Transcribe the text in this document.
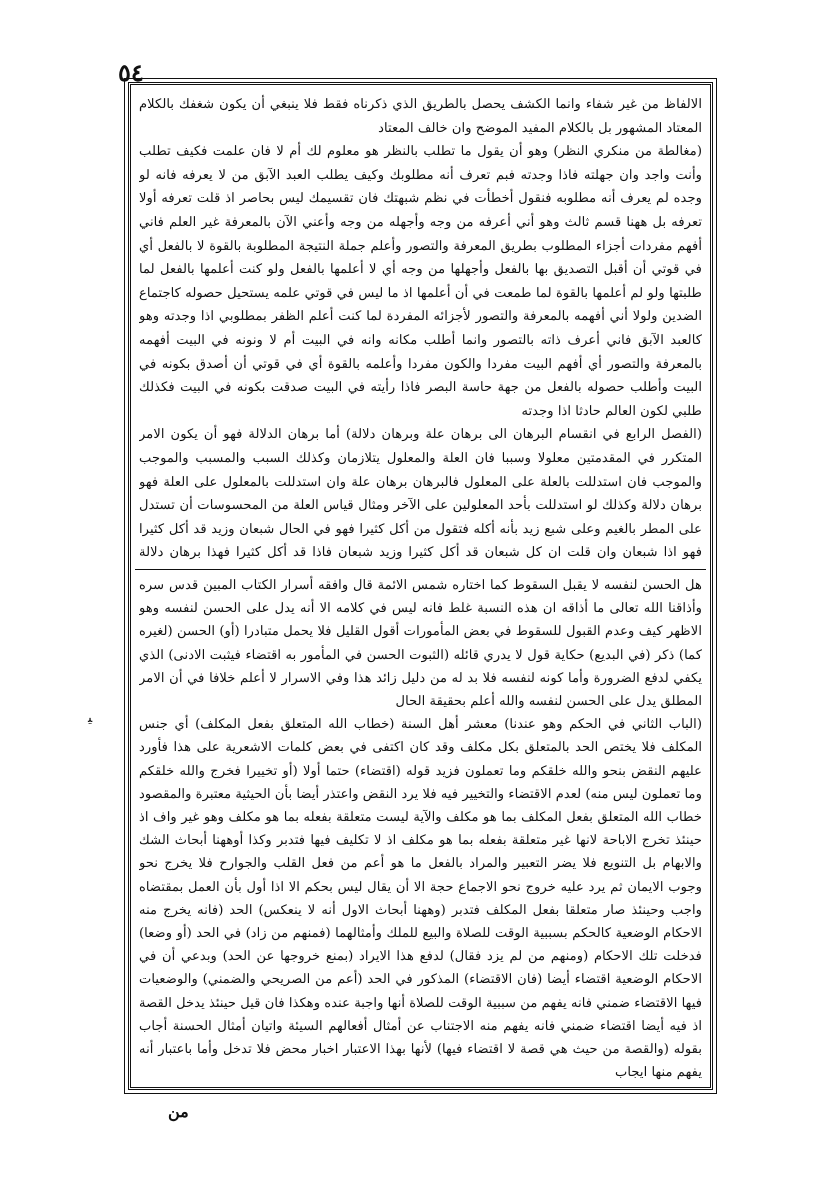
٥٤

الالفاظ من غير شفاء وانما الكشف يحصل بالطريق الذي ذكرناه فقط فلا ينبغي أن يكون شغفك بالكلام المعتاد المشهور بل بالكلام المفيد الموضح وان خالف المعتاد

(مغالطة من منكري النظر) وهو أن يقول ما تطلب بالنظر هو معلوم لك أم لا فان علمت فكيف تطلب وأنت واجد وان جهلته فاذا وجدته فبم تعرف أنه مطلوبك وكيف يطلب العبد الآبق من لا يعرفه فانه لو وجده لم يعرف أنه مطلوبه فنقول أخطأت في نظم شبهتك فان تقسيمك ليس بحاصر اذ قلت تعرفه أولا تعرفه بل ههنا قسم ثالث وهو أني أعرفه من وجه وأجهله من وجه وأعني الآن بالمعرفة غير العلم فاني أفهم مفردات أجزاء المطلوب بطريق المعرفة والتصور وأعلم جملة النتيجة المطلوبة بالقوة لا بالفعل أي في قوتي أن أقبل التصديق بها بالفعل وأجهلها من وجه أي لا أعلمها بالفعل ولو كنت أعلمها بالفعل لما طلبتها ولو لم أعلمها بالقوة لما طمعت في أن أعلمها اذ ما ليس في قوتي علمه يستحيل حصوله كاجتماع الضدين ولولا أني أفهمه بالمعرفة والتصور لأجزائه المفردة لما كنت أعلم الظفر بمطلوبي اذا وجدته وهو كالعبد الآبق فاني أعرف ذاته بالتصور وانما أطلب مكانه وانه في البيت أم لا ونونه في البيت أفهمه بالمعرفة والتصور أي أفهم البيت مفردا والكون مفردا وأعلمه بالقوة أي في قوتي أن أصدق بكونه في البيت وأطلب حصوله بالفعل من جهة حاسة البصر فاذا رأيته في البيت صدقت بكونه في البيت فكذلك طلبي لكون العالم حادثا اذا وجدته

(الفصل الرابع في انقسام البرهان الى برهان علة وبرهان دلالة) أما برهان الدلالة فهو أن يكون الامر المتكرر في المقدمتين معلولا وسببا فان العلة والمعلول يتلازمان وكذلك السبب والمسبب والموجب والموجب فان استدللت بالعلة على المعلول فالبرهان برهان علة وان استدللت بالمعلول على العلة فهو برهان دلالة وكذلك لو استدللت بأحد المعلولين على الآخر ومثال قياس العلة من المحسوسات أن تستدل على المطر بالغيم وعلى شبع زيد بأنه أكله فتقول من أكل كثيرا فهو في الحال شبعان وزيد قد أكل كثيرا فهو اذا شبعان وان قلت ان كل شبعان قد أكل كثيرا وزيد شبعان فاذا قد أكل كثيرا فهذا برهان دلالة

هل الحسن لنفسه لا يقبل السقوط كما اختاره شمس الائمة قال وافقه أسرار الكتاب المبين قدس سره وأذاقنا الله تعالى ما أذاقه ان هذه النسبة غلط فانه ليس في كلامه الا أنه يدل على الحسن لنفسه وهو الاظهر كيف وعدم القبول للسقوط في بعض المأمورات أقول القليل فلا يحمل متبادرا (أو) الحسن (لغيره كما) ذكر (في البديع) حكاية قول لا يدري قائله (الثبوت الحسن في المأمور به اقتضاء فيثبت الادنى) الذي يكفي لدفع الضرورة وأما كونه لنفسه فلا بد له من دليل زائد هذا وفي الاسرار لا أعلم خلافا في أن الامر المطلق يدل على الحسن لنفسه والله أعلم بحقيقة الحال

(الباب الثاني في الحكم وهو عندنا) معشر أهل السنة (خطاب الله المتعلق بفعل المكلف) أي جنس المكلف فلا يختص الحد بالمتعلق بكل مكلف وقد كان اكتفى في بعض كلمات الاشعرية على هذا فأورد عليهم النقض بنحو والله خلقكم وما تعملون فزيد قوله (اقتضاء) حتما أولا (أو تخييرا فخرج والله خلقكم وما تعملون ليس منه) لعدم الاقتضاء والتخيير فيه فلا يرد النقض واعتذر أيضا بأن الحيثية معتبرة والمقصود خطاب الله المتعلق بفعل المكلف بما هو مكلف والآية ليست متعلقة بفعله بما هو مكلف وهو غير واف اذ حينئذ تخرج الاباحة لانها غير متعلقة بفعله بما هو مكلف اذ لا تكليف فيها فتدبر وكذا أوههنا أبحاث الشك والابهام بل التنويع فلا يضر التعبير والمراد بالفعل ما هو أعم من فعل القلب والجوارح فلا يخرج نحو وجوب الايمان ثم يرد عليه خروج نحو الاجماع حجة الا أن يقال ليس بحكم الا اذا أول بأن العمل بمقتضاه واجب وحينئذ صار متعلقا بفعل المكلف فتدبر (وههنا أبحاث الاول أنه لا ينعكس) الحد (فانه يخرج منه الاحكام الوضعية كالحكم بسببية الوقت للصلاة والبيع للملك وأمثالهما (فمنهم من زاد) في الحد (أو وضعا) فدخلت تلك الاحكام (ومنهم من لم يزد فقال) لدفع هذا الايراد (بمنع خروجها عن الحد) وبدعي أن في الاحكام الوضعية اقتضاء أيضا (فان الاقتضاء) المذكور في الحد (أعم من الصريحي والضمني) والوضعيات فيها الاقتضاء ضمني فانه يفهم من سببية الوقت للصلاة أنها واجبة عنده وهكذا فان قيل حينئذ يدخل القصة اذ فيه أيضا اقتضاء ضمني فانه يفهم منه الاجتناب عن أمثال أفعالهم السيئة واتيان أمثال الحسنة أجاب بقوله (والقصة من حيث هي قصة لا اقتضاء فيها) لأنها بهذا الاعتبار اخبار محض فلا تدخل وأما باعتبار أنه يفهم منها ايجاب

ﻴ
من
